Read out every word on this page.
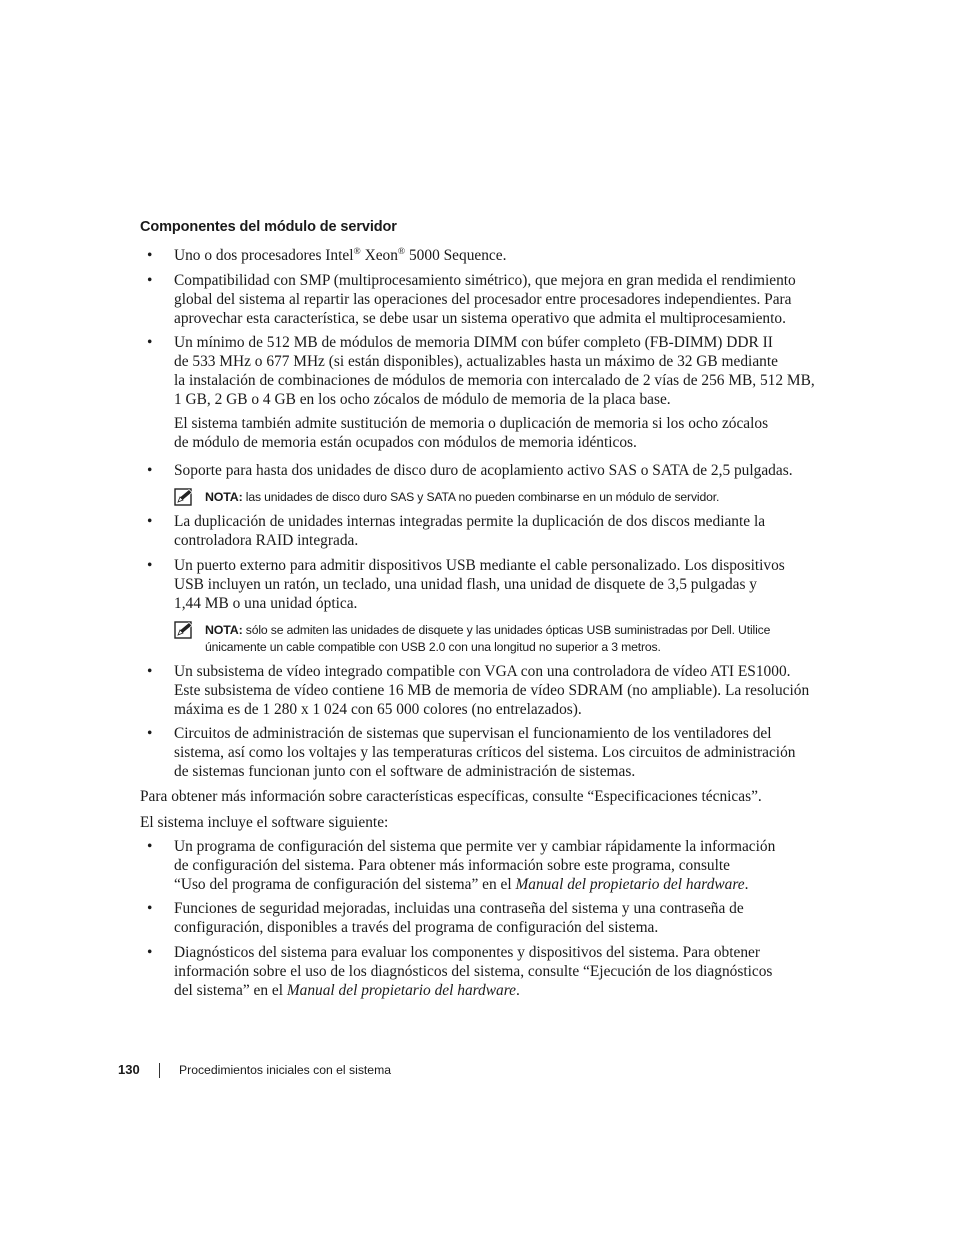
Componentes del módulo de servidor
• Uno o dos procesadores Intel® Xeon® 5000 Sequence.

• Compatibilidad con SMP (multiprocesamiento simétrico), que mejora en gran medida el rendimiento

global del sistema al repartir las operaciones del procesador entre procesadores independientes. Para

aprovechar esta característica, se debe usar un sistema operativo que admita el multiprocesamiento.

• Un mínimo de 512 MB de módulos de memoria DIMM con búfer completo (FB-DIMM) DDR II

de 533 MHz o 677 MHz (si están disponibles), actualizables hasta un máximo de 32 GB mediante

la instalación de combinaciones de módulos de memoria con intercalado de 2 vías de 256 MB, 512 MB,

1 GB, 2 GB o 4 GB en los ocho zócalos de módulo de memoria de la placa base.

El sistema también admite sustitución de memoria o duplicación de memoria si los ocho zócalos

de módulo de memoria están ocupados con módulos de memoria idénticos.

• Soporte para hasta dos unidades de disco duro de acoplamiento activo SAS o SATA de 2,5 pulgadas.

NOTA: las unidades de disco duro SAS y SATA no pueden combinarse en un módulo de servidor.

• La duplicación de unidades internas integradas permite la duplicación de dos discos mediante la

controladora RAID integrada.

• Un puerto externo para admitir dispositivos USB mediante el cable personalizado. Los dispositivos

USB incluyen un ratón, un teclado, una unidad flash, una unidad de disquete de 3,5 pulgadas y

1,44 MB o una unidad óptica.

NOTA: sólo se admiten las unidades de disquete y las unidades ópticas USB suministradas por Dell. Utilice

únicamente un cable compatible con USB 2.0 con una longitud no superior a 3 metros.

• Un subsistema de vídeo integrado compatible con VGA con una controladora de vídeo ATI ES1000.

Este subsistema de vídeo contiene 16 MB de memoria de vídeo SDRAM (no ampliable). La resolución

máxima es de 1 280 x 1 024 con 65 000 colores (no entrelazados).

• Circuitos de administración de sistemas que supervisan el funcionamiento de los ventiladores del

sistema, así como los voltajes y las temperaturas críticos del sistema. Los circuitos de administración

de sistemas funcionan junto con el software de administración de sistemas.

Para obtener más información sobre características específicas, consulte “Especificaciones técnicas”.

El sistema incluye el software siguiente:

• Un programa de configuración del sistema que permite ver y cambiar rápidamente la información

de configuración del sistema. Para obtener más información sobre este programa, consulte

“Uso del programa de configuración del sistema” en el Manual del propietario del hardware.

• Funciones de seguridad mejoradas, incluidas una contraseña del sistema y una contraseña de

configuración, disponibles a través del programa de configuración del sistema.

• Diagnósticos del sistema para evaluar los componentes y dispositivos del sistema. Para obtener

información sobre el uso de los diagnósticos del sistema, consulte “Ejecución de los diagnósticos

del sistema” en el Manual del propietario del hardware.

130	Procedimientos iniciales con el sistema
